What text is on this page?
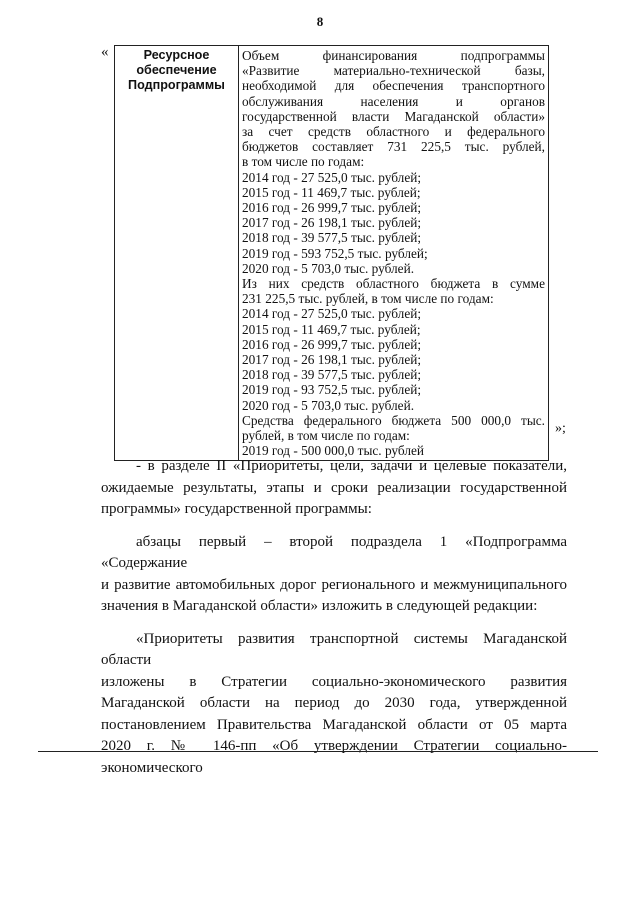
8
«	Ресурсное
обеспечение
Подпрограммы

Объем финансирования подпрограммы
«Развитие материально-технической базы,
необходимой для обеспечения транспортного
обслуживания населения и органов
государственной власти Магаданской области»
за счет средств областного и федерального
бюджетов составляет 731 225,5 тыс. рублей,
в том числе по годам:
2014 год - 27 525,0 тыс. рублей;
2015 год - 11 469,7 тыс. рублей;
2016 год - 26 999,7 тыс. рублей;
2017 год - 26 198,1 тыс. рублей;
2018 год - 39 577,5 тыс. рублей;
2019 год - 593 752,5 тыс. рублей;
2020 год - 5 703,0 тыс. рублей.
Из них средств областного бюджета в сумме
231 225,5 тыс. рублей, в том числе по годам:
2014 год - 27 525,0 тыс. рублей;
2015 год - 11 469,7 тыс. рублей;
2016 год - 26 999,7 тыс. рублей;
2017 год - 26 198,1 тыс. рублей;
2018 год - 39 577,5 тыс. рублей;
2019 год - 93 752,5 тыс. рублей;
2020 год - 5 703,0 тыс. рублей.
Средства федерального бюджета 500 000,0 тыс.
рублей, в том числе по годам:
2019 год - 500 000,0 тыс. рублей
»;

- в разделе II «Приоритеты, цели, задачи и целевые показатели,
ожидаемые результаты, этапы и сроки реализации государственной
программы» государственной программы:

абзацы первый – второй подраздела 1 «Подпрограмма «Содержание
и развитие автомобильных дорог регионального и межмуниципального
значения в Магаданской области» изложить в следующей редакции:

«Приоритеты развития транспортной системы Магаданской области
изложены в Стратегии социально-экономического развития
Магаданской области на период до 2030 года, утвержденной
постановлением Правительства Магаданской области от 05 марта
2020 г. № 146-пп «Об утверждении Стратегии социально-экономического
